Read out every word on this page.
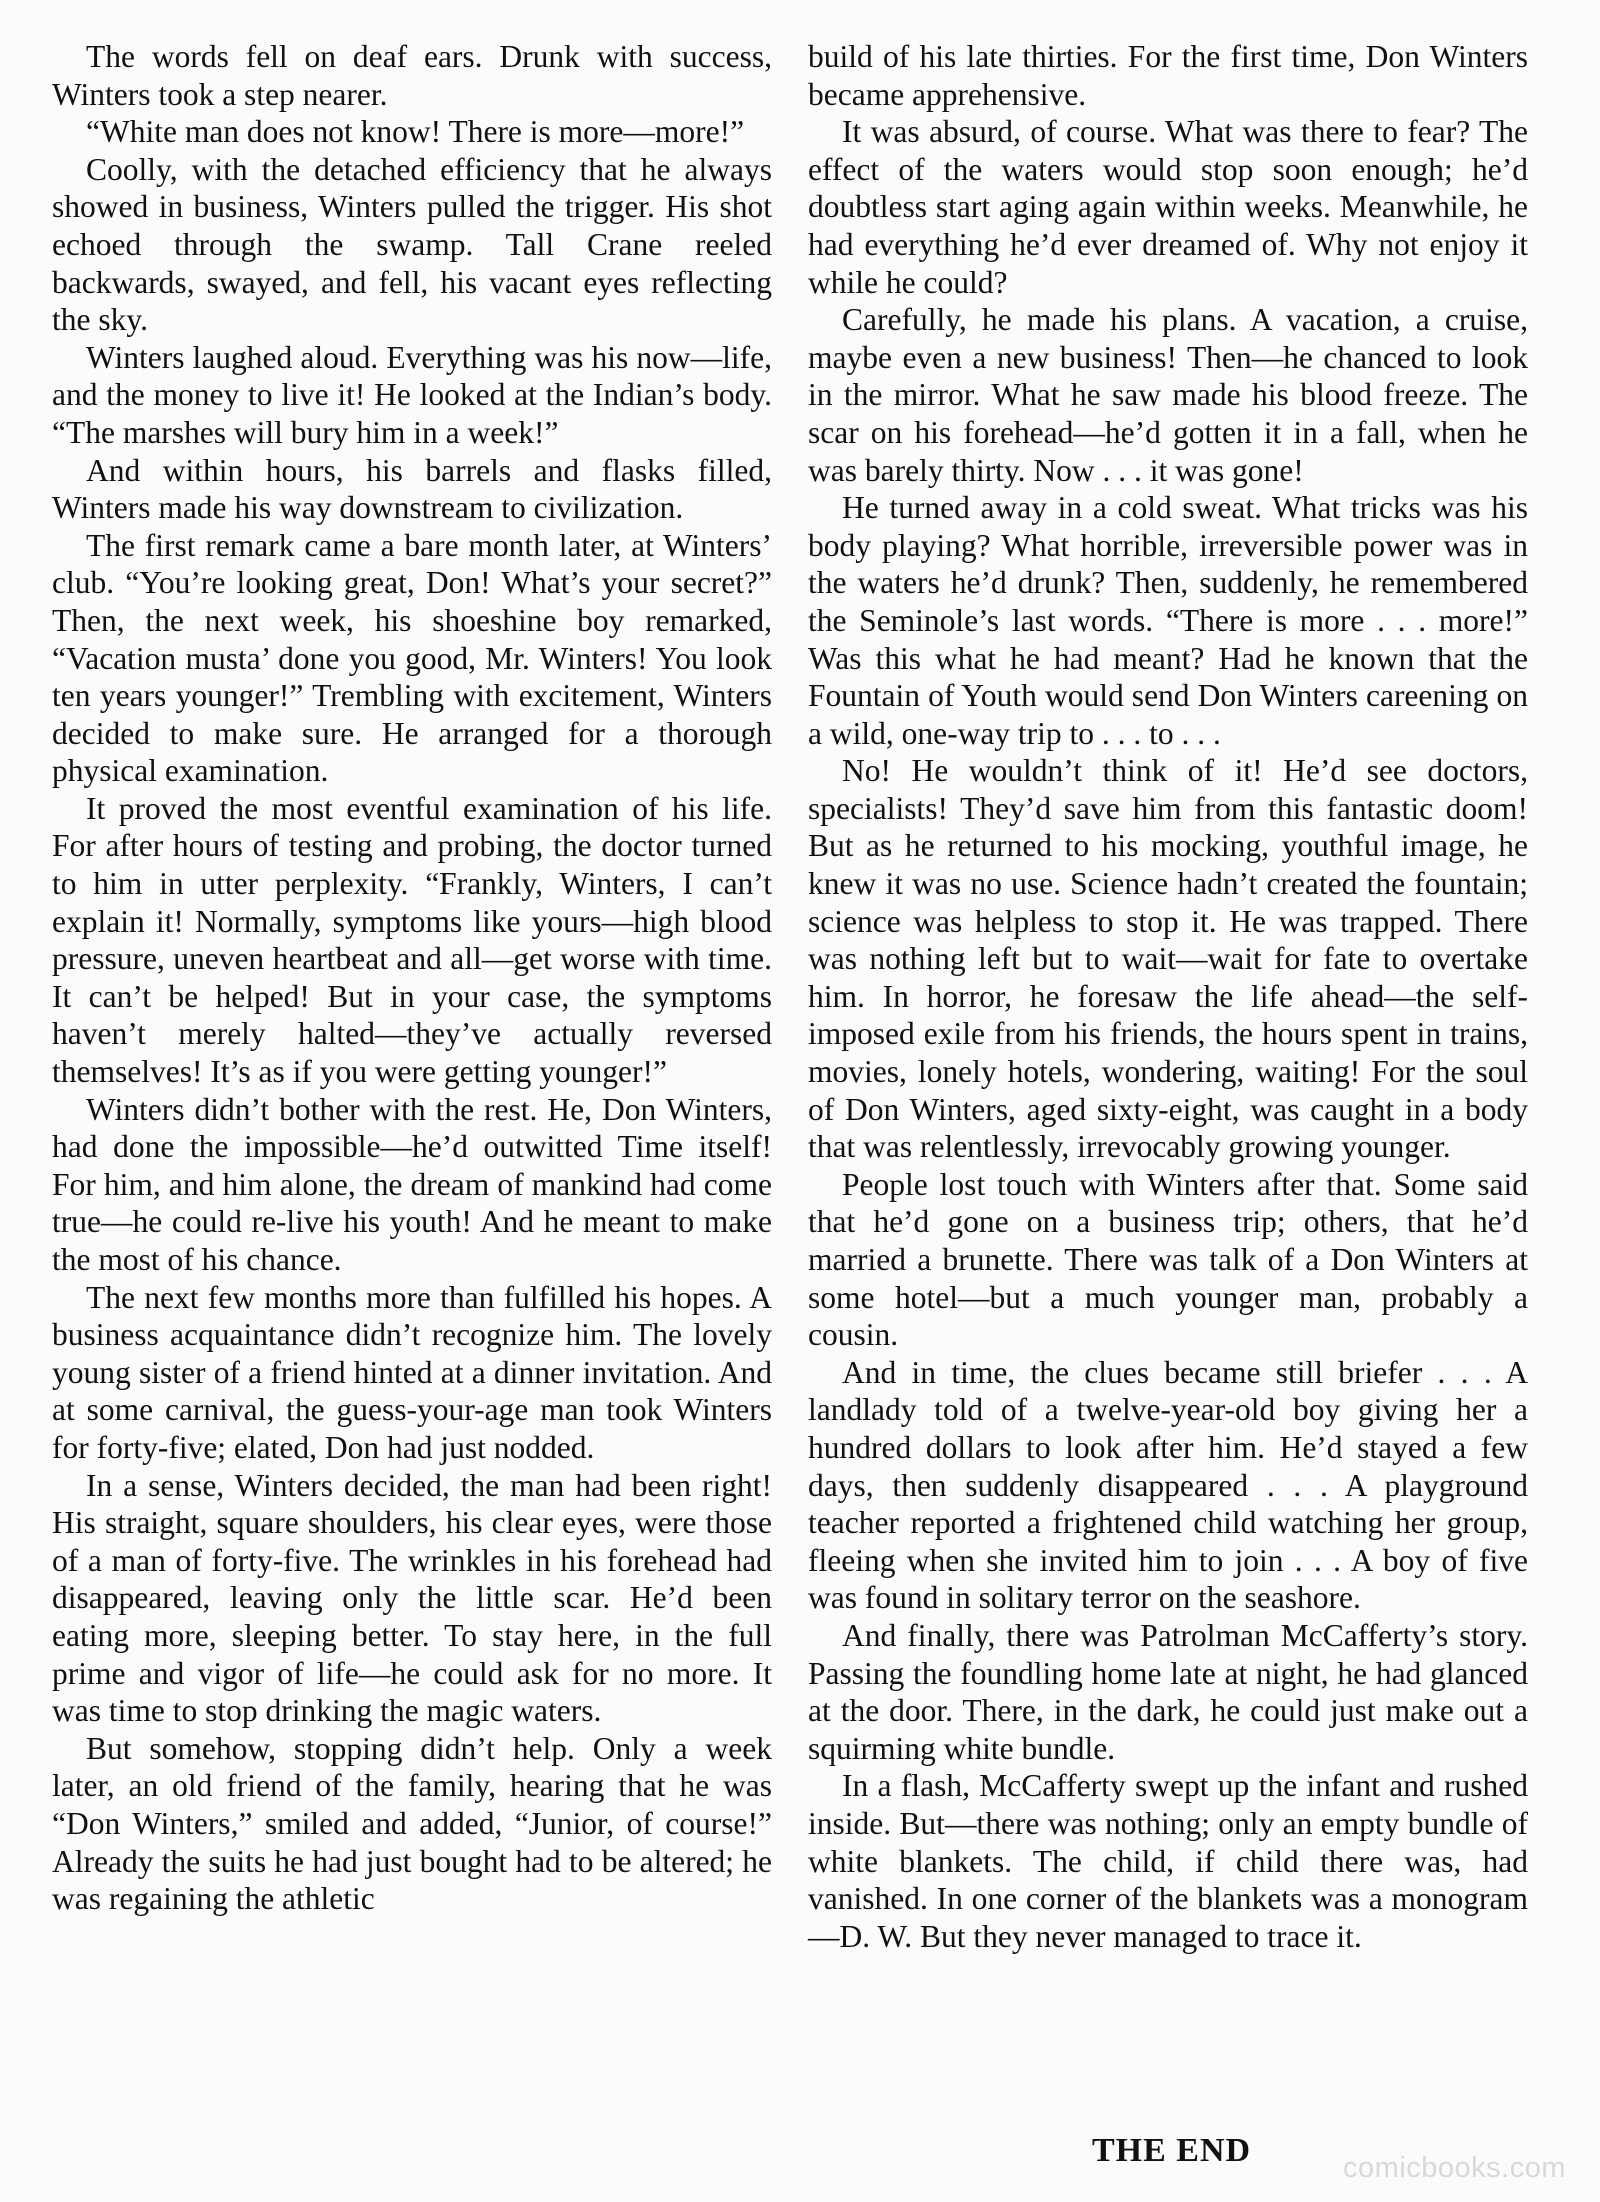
The words fell on deaf ears. Drunk with success, Winters took a step nearer.

“White man does not know! There is more—more!”

Coolly, with the detached efficiency that he always showed in business, Winters pulled the trigger. His shot echoed through the swamp. Tall Crane reeled backwards, swayed, and fell, his vacant eyes reflecting the sky.

Winters laughed aloud. Everything was his now—life, and the money to live it! He looked at the Indian’s body. “The marshes will bury him in a week!”

And within hours, his barrels and flasks filled, Winters made his way downstream to civilization.

The first remark came a bare month later, at Winters’ club. “You’re looking great, Don! What’s your secret?” Then, the next week, his shoeshine boy remarked, “Vacation musta’ done you good, Mr. Winters! You look ten years younger!” Trembling with excitement, Winters decided to make sure. He arranged for a thorough physical examination.

It proved the most eventful examination of his life. For after hours of testing and probing, the doctor turned to him in utter perplexity. “Frankly, Winters, I can’t explain it! Normally, symptoms like yours—high blood pressure, uneven heartbeat and all—get worse with time. It can’t be helped! But in your case, the symptoms haven’t merely halted—they’ve actually reversed themselves! It’s as if you were getting younger!”

Winters didn’t bother with the rest. He, Don Winters, had done the impossible—he’d outwitted Time itself! For him, and him alone, the dream of mankind had come true—he could re-live his youth! And he meant to make the most of his chance.

The next few months more than fulfilled his hopes. A business acquaintance didn’t recognize him. The lovely young sister of a friend hinted at a dinner invitation. And at some carnival, the guess-your-age man took Winters for forty-five; elated, Don had just nodded.

In a sense, Winters decided, the man had been right! His straight, square shoulders, his clear eyes, were those of a man of forty-five. The wrinkles in his forehead had disappeared, leaving only the little scar. He’d been eating more, sleeping better. To stay here, in the full prime and vigor of life—he could ask for no more. It was time to stop drinking the magic waters.

But somehow, stopping didn’t help. Only a week later, an old friend of the family, hearing that he was “Don Winters,” smiled and added, “Junior, of course!” Already the suits he had just bought had to be altered; he was regaining the athletic

build of his late thirties. For the first time, Don Winters became apprehensive.

It was absurd, of course. What was there to fear? The effect of the waters would stop soon enough; he’d doubtless start aging again within weeks. Meanwhile, he had everything he’d ever dreamed of. Why not enjoy it while he could?

Carefully, he made his plans. A vacation, a cruise, maybe even a new business! Then—he chanced to look in the mirror. What he saw made his blood freeze. The scar on his forehead—he’d gotten it in a fall, when he was barely thirty. Now . . . it was gone!

He turned away in a cold sweat. What tricks was his body playing? What horrible, irreversible power was in the waters he’d drunk? Then, suddenly, he remembered the Seminole’s last words. “There is more . . . more!” Was this what he had meant? Had he known that the Fountain of Youth would send Don Winters careening on a wild, one-way trip to . . . to . . .

No! He wouldn’t think of it! He’d see doctors, specialists! They’d save him from this fantastic doom! But as he returned to his mocking, youthful image, he knew it was no use. Science hadn’t created the fountain; science was helpless to stop it. He was trapped. There was nothing left but to wait—wait for fate to overtake him. In horror, he foresaw the life ahead—the self-imposed exile from his friends, the hours spent in trains, movies, lonely hotels, wondering, waiting! For the soul of Don Winters, aged sixty-eight, was caught in a body that was relentlessly, irrevocably growing younger.

People lost touch with Winters after that. Some said that he’d gone on a business trip; others, that he’d married a brunette. There was talk of a Don Winters at some hotel—but a much younger man, probably a cousin.

And in time, the clues became still briefer . . . A landlady told of a twelve-year-old boy giving her a hundred dollars to look after him. He’d stayed a few days, then suddenly disappeared . . . A playground teacher reported a frightened child watching her group, fleeing when she invited him to join . . . A boy of five was found in solitary terror on the seashore.

And finally, there was Patrolman McCafferty’s story. Passing the foundling home late at night, he had glanced at the door. There, in the dark, he could just make out a squirming white bundle.

In a flash, McCafferty swept up the infant and rushed inside. But—there was nothing; only an empty bundle of white blankets. The child, if child there was, had vanished. In one corner of the blankets was a monogram—D. W. But they never managed to trace it.

THE END	comicbooks.com
